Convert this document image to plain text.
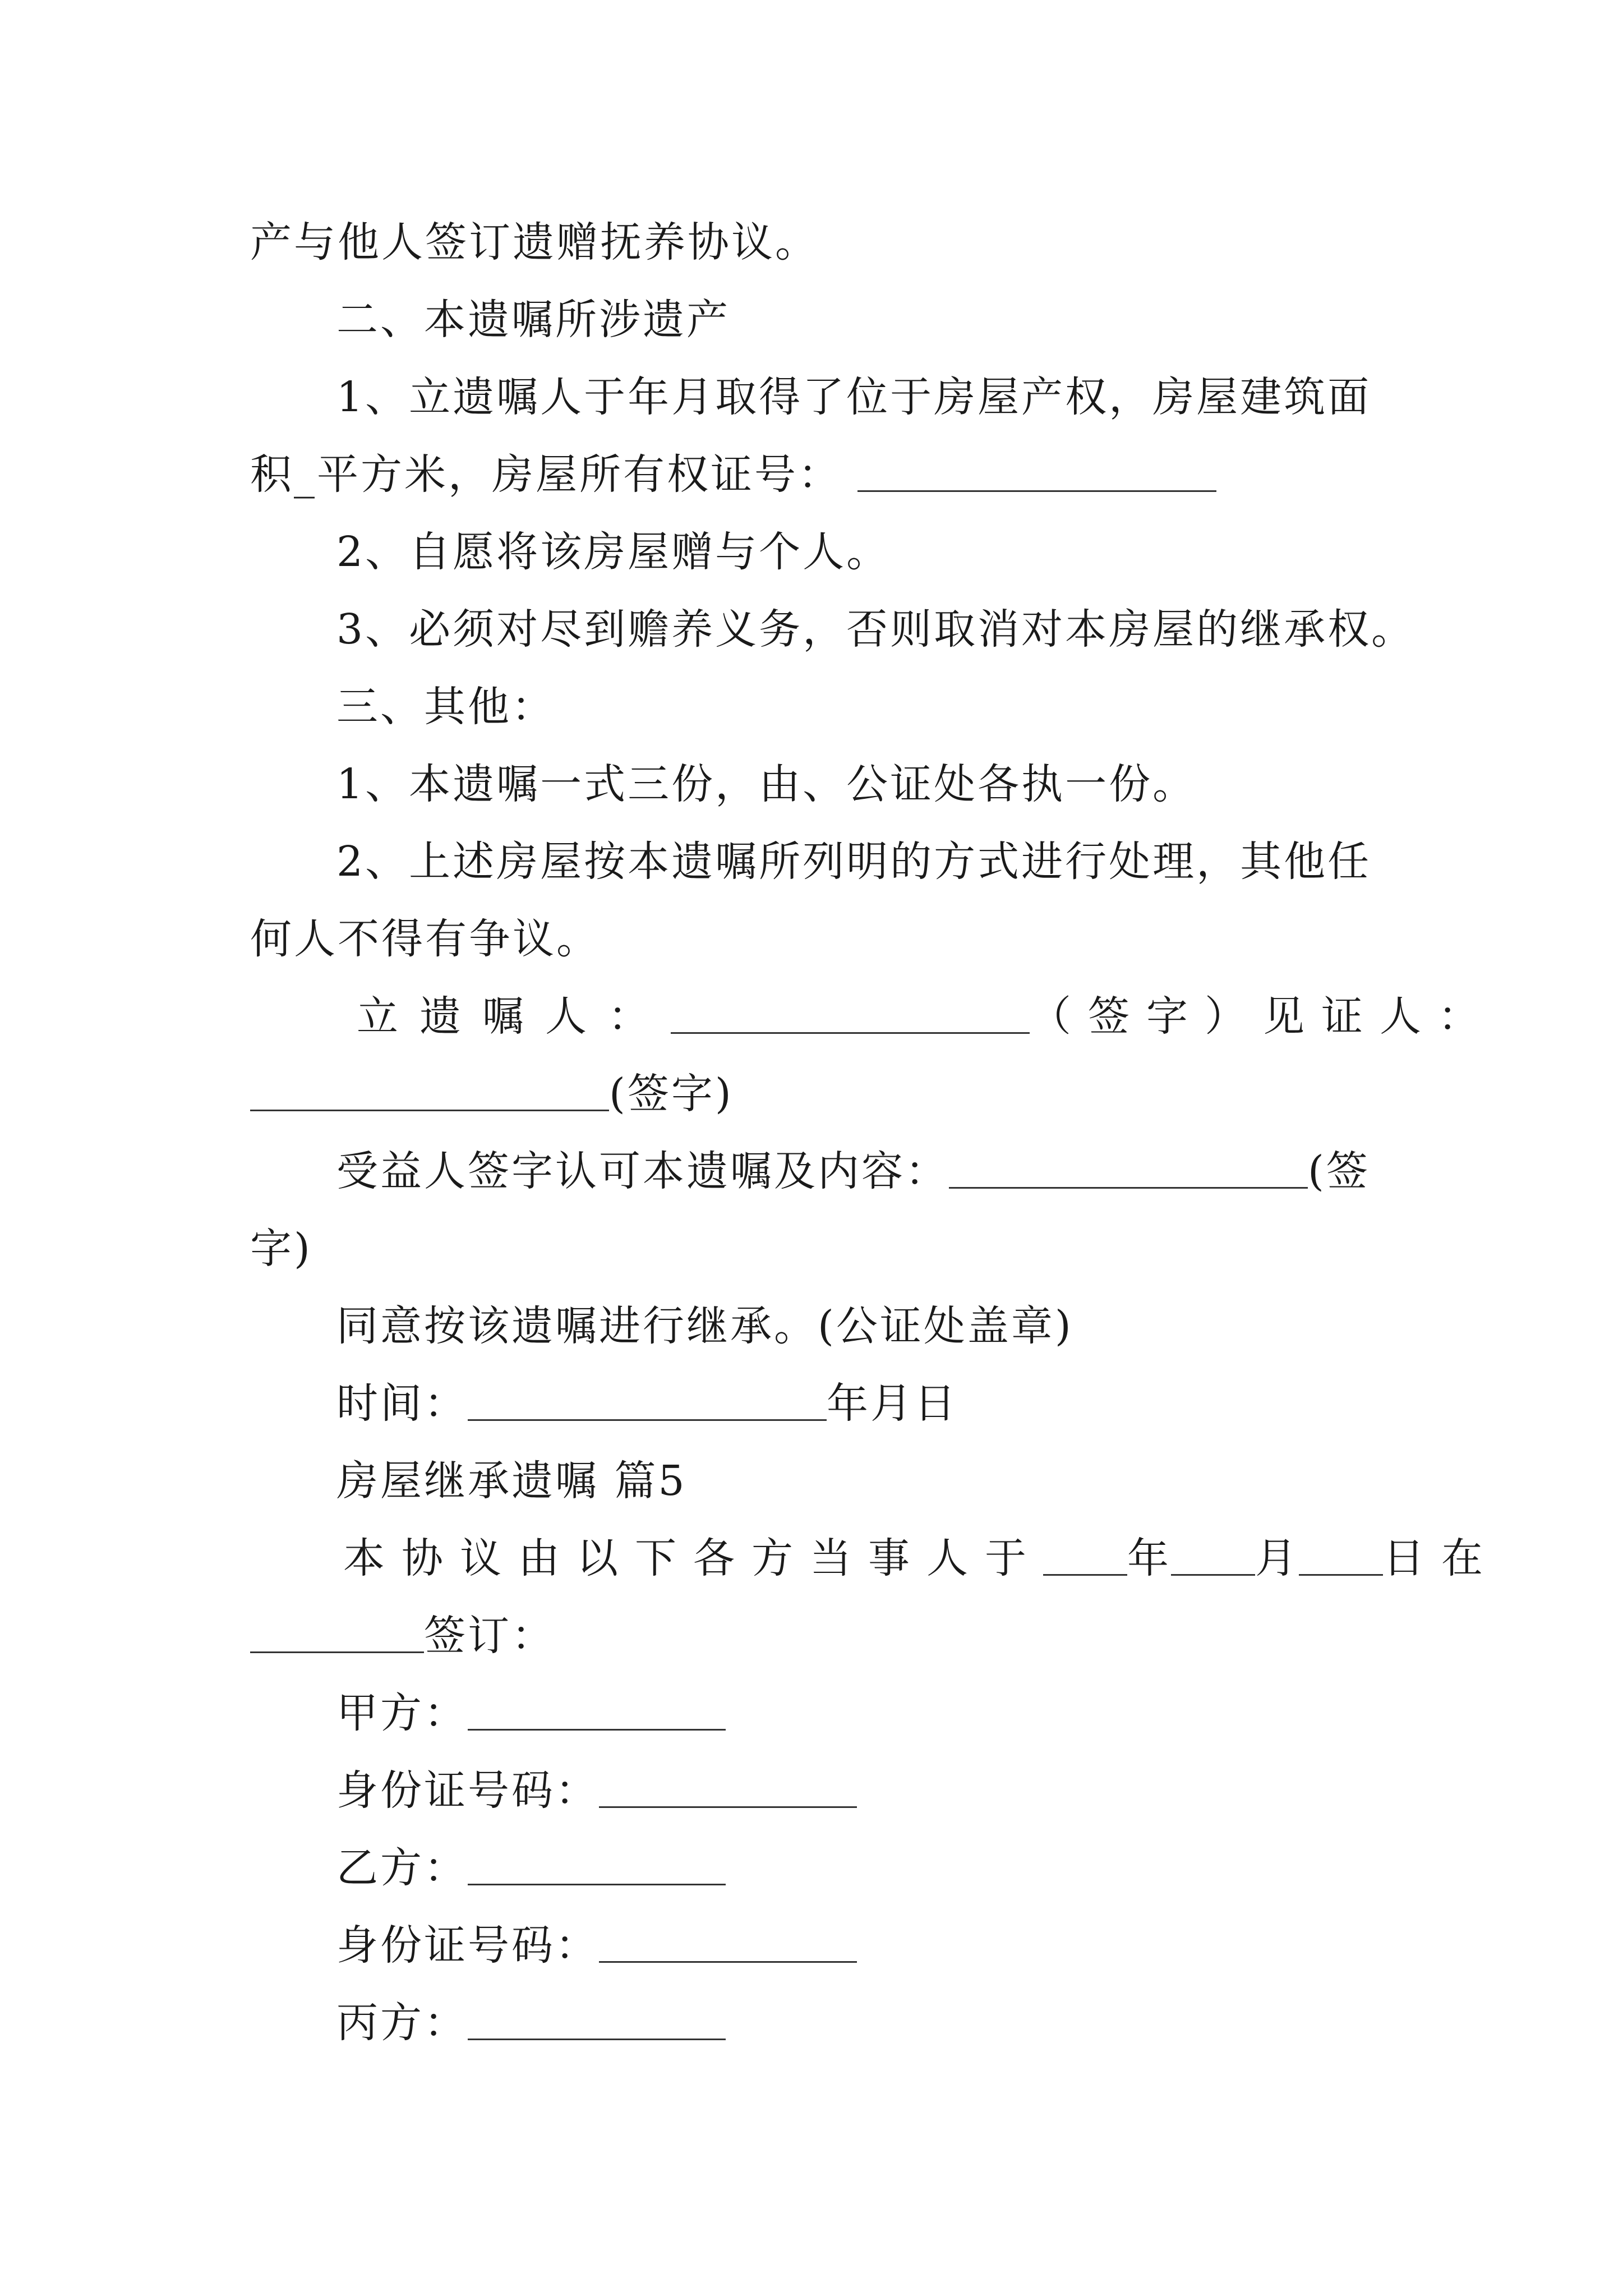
产与他人签订遗赠抚养协议。
二、本遗嘱所涉遗产
1、立遗嘱人于年月取得了位于房屋产权，房屋建筑面
积_平方米，房屋所有权证号：
2、自愿将该房屋赠与个人。
3、必须对尽到赡养义务，否则取消对本房屋的继承权。
三、其他：
1、本遗嘱一式三份，由、公证处各执一份。
2、上述房屋按本遗嘱所列明的方式进行处理，其他任
何人不得有争议。
立遗嘱人：	（签字）见证人：
(签字)
受益人签字认可本遗嘱及内容：	(签
字)
同意按该遗嘱进行继承。(公证处盖章)
时间：	年月日
房屋继承遗嘱 篇5
本协议由以下各方当事人于 年 月 日在
签订：
甲方：
身份证号码：
乙方：
身份证号码：
丙方：
